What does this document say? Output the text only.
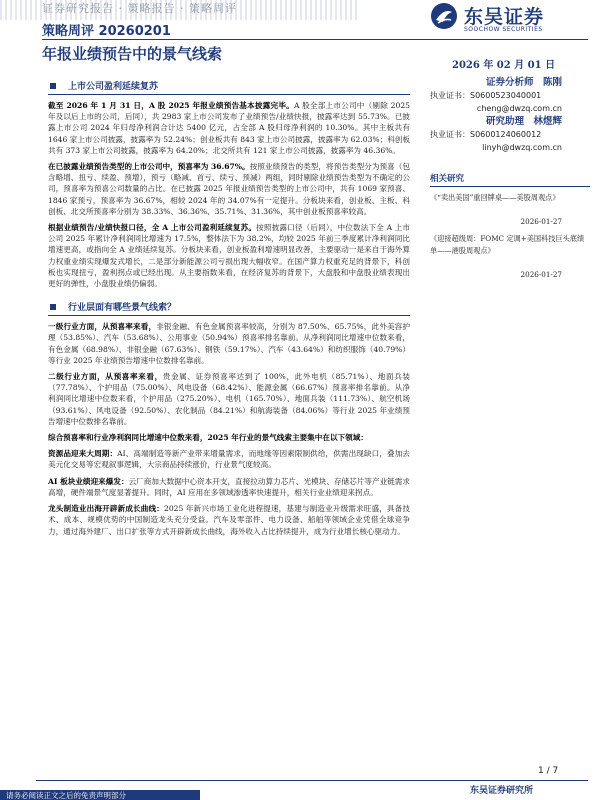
证券研究报告 · 策略报告 · 策略周评
策略周评 20260201
东吴证券
SOOCHOW SECURITIES
年报业绩预告中的景气线索
2026 年 02 月 01 日
上市公司盈利延续复苏

截至 2026 年 1 月 31 日，A 股 2025 年报业绩预告基本披露完毕。A 股全部上市公司中（剔除 2025 年及以后上市的公司，后同），共 2983 家上市公司发布了业绩预告/业绩快报，披露率达到 55.73%。已披露上市公司 2024 年归母净利润合计达 5400 亿元，占全部 A 股归母净利润的 10.30%。其中主板共有 1646 家上市公司披露，披露率为 52.24%；创业板共有 843 家上市公司披露，披露率为 62.03%；科创板共有 373 家上市公司披露，披露率为 64.20%；北交所共有 121 家上市公司披露，披露率为 46.36%。

在已披露业绩预告类型的上市公司中，预喜率为 36.67%。按照业绩预告的类型，将预告类型分为预喜（包含略增、扭亏、续盈、预增），预亏（略减、首亏、续亏、预减）两组，同时剔除业绩预告类型为不确定的公司，预喜率为预喜公司数量的占比。在已披露 2025 年报业绩预告类型的上市公司中，共有 1069 家预喜、1846 家预亏，预喜率为 36.67%，相较 2024 年的 34.07%有一定提升。分板块来看，创业板、主板、科创板、北交所预喜率分别为 38.33%、36.36%、35.71%、31.36%，其中创业板预喜率较高。

根据业绩预告/业绩快报口径，全 A 上市公司盈利延续复苏。按照披露口径（后同），中位数法下全 A 上市公司 2025 年累计净利润同比增速为 17.5%，整体法下为 38.2%，均较 2025 年前三季度累计净利润同比增速更高，或指向全 A 业绩延续复苏。分板块来看，创业板盈利增速明显改善，主要驱动一是来自于海外算力权重业绩实现爆发式增长，二是部分新能源公司亏损出现大幅收窄。在国产算力权重充足的背景下，科创板也实现扭亏，盈利拐点或已经出现。从主要指数来看，在经济复苏的背景下，大盘股和中盘股业绩表现出更好的弹性，小盘股业绩仍偏弱。

行业层面有哪些景气线索？

一级行业方面，从预喜率来看，非银金融、有色金属预喜率较高，分别为 87.50%、65.75%，此外美容护理（53.85%）、汽车（53.68%）、公用事业（50.94%）预喜率排名靠前。从净利润同比增速中位数来看，有色金属（68.98%）、非银金融（67.63%）、钢铁（59.17%）、汽车（43.64%）和纺织服饰（40.79%）等行业 2025 年业绩预告增速中位数排名靠前。

二级行业方面，从预喜率来看，贵金属、证券预喜率达到了 100%，此外电机（85.71%）、地面兵装（77.78%）、个护用品（75.00%）、风电设备（68.42%）、能源金属（66.67%）预喜率排名靠前。从净利润同比增速中位数来看，个护用品（275.20%）、电机（165.70%）、地面兵装（111.73%）、航空机场（93.61%）、风电设备（92.50%）、农化制品（84.21%）和航海装备（84.06%）等行业 2025 年业绩预告增速中位数排名靠前。

综合预喜率和行业净利润同比增速中位数来看，2025 年行业的景气线索主要集中在以下领域：

资源品迎来大周期：AI、高端制造等新产业带来增量需求，而地缘等因素限制供给，供需出现缺口，叠加去美元化交易等宏观叙事逻辑，大宗商品持续涨价，行业景气度较高。

AI 板块业绩迎来爆发：云厂商加大数据中心资本开支，直接拉动算力芯片、光模块、存储芯片等产业链需求高增，硬件端景气度显著提升。同时，AI 应用在多领域渗透率快速提升，相关行业业绩迎来拐点。

龙头制造业出海开辟新成长曲线：2025 年新兴市场工业化进程提速，基建与制造业升级需求旺盛，具备技术、成本、规模优势的中国制造龙头充分受益。汽车及零部件、电力设备、船舶等领域企业凭借全球竞争力，通过海外建厂、出口扩张等方式开辟新成长曲线，海外收入占比持续提升，成为行业增长核心驱动力。

证券分析师　陈刚
执业证书：S0600523040001
cheng@dwzq.com.cn
研究助理　林煜辉
执业证书：S0600124060012
linyh@dwzq.com.cn
相关研究
《“卖出美国”重回牌桌——美股周观点》
2026-01-27
《迎接超级周：FOMC 定调+美国科技巨头底绩单——港股周观点》
2026-01-27
1 / 7
东吴证券研究所
请务必阅读正文之后的免责声明部分
